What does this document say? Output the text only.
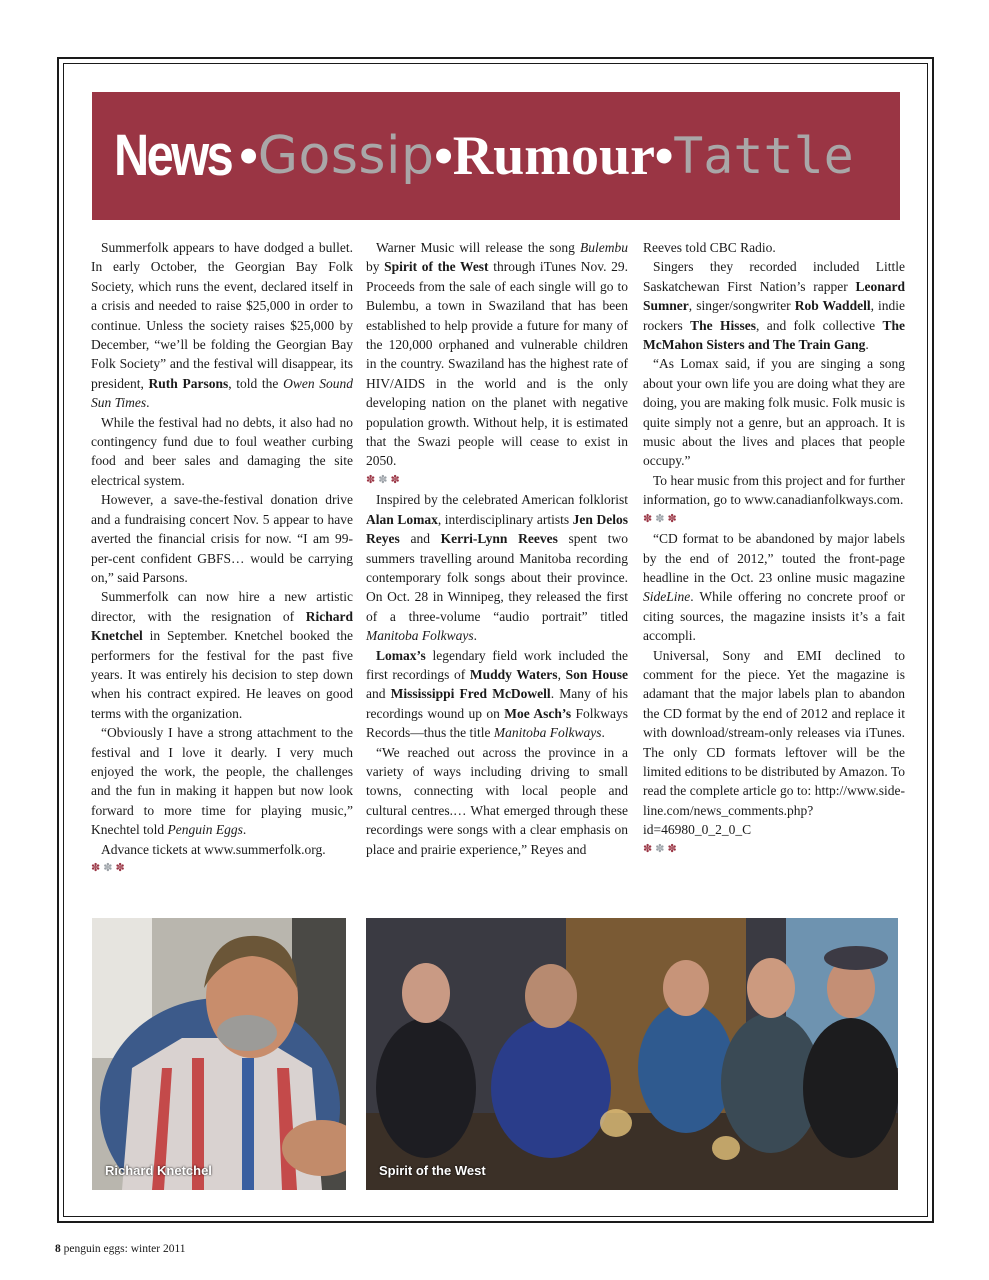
News • Gossip • Rumour • Tattle

Summerfolk appears to have dodged a bullet. In early October, the Georgian Bay Folk Society, which runs the event, declared itself in a crisis and needed to raise $25,000 in order to continue. Unless the society raises $25,000 by December, “we’ll be folding the Georgian Bay Folk Society” and the festival will disappear, its president, Ruth Parsons, told the Owen Sound Sun Times.

While the festival had no debts, it also had no contingency fund due to foul weather curbing food and beer sales and damaging the site electrical system.

However, a save-the-festival donation drive and a fundraising concert Nov. 5 appear to have averted the financial crisis for now. “I am 99-per-cent confident GBFS… would be carrying on,” said Parsons.

Summerfolk can now hire a new artistic director, with the resignation of Richard Knetchel in September. Knetchel booked the performers for the festival for the past five years. It was entirely his decision to step down when his contract expired. He leaves on good terms with the organization.

“Obviously I have a strong attachment to the festival and I love it dearly. I very much enjoyed the work, the people, the challenges and the fun in making it happen but now look forward to more time for playing music,” Knechtel told Penguin Eggs.

Advance tickets at www.summerfolk.org.

✽✽✽

Warner Music will release the song Bulembu by Spirit of the West through iTunes Nov. 29. Proceeds from the sale of each single will go to Bulembu, a town in Swaziland that has been established to help provide a future for many of the 120,000 orphaned and vulnerable children in the country. Swaziland has the highest rate of HIV/AIDS in the world and is the only developing nation on the planet with negative population growth. Without help, it is estimated that the Swazi people will cease to exist in 2050.

✽✽✽

Inspired by the celebrated American folklorist Alan Lomax, interdisciplinary artists Jen Delos Reyes and Kerri-Lynn Reeves spent two summers travelling around Manitoba recording contemporary folk songs about their province. On Oct. 28 in Winnipeg, they released the first of a three-volume “audio portrait” titled Manitoba Folkways.

Lomax’s legendary field work included the first recordings of Muddy Waters, Son House and Mississippi Fred McDowell. Many of his recordings wound up on Moe Asch’s Folkways Records—thus the title Manitoba Folkways.

“We reached out across the province in a variety of ways including driving to small towns, connecting with local people and cultural centres.… What emerged through these recordings were songs with a clear emphasis on place and prairie experience,” Reyes and

Reeves told CBC Radio.

Singers they recorded included Little Saskatchewan First Nation’s rapper Leonard Sumner, singer/songwriter Rob Waddell, indie rockers The Hisses, and folk collective The McMahon Sisters and The Train Gang.

“As Lomax said, if you are singing a song about your own life you are doing what they are doing, you are making folk music. Folk music is quite simply not a genre, but an approach. It is music about the lives and places that people occupy.”

To hear music from this project and for further information, go to www.canadianfolkways.com.

✽✽✽

“CD format to be abandoned by major labels by the end of 2012,” touted the front-page headline in the Oct. 23 online music magazine SideLine. While offering no concrete proof or citing sources, the magazine insists it’s a fait accompli.

Universal, Sony and EMI declined to comment for the piece. Yet the magazine is adamant that the major labels plan to abandon the CD format by the end of 2012 and replace it with download/stream-only releases via iTunes. The only CD formats leftover will be the limited editions to be distributed by Amazon. To read the complete article go to: http://www.side-line.com/news_comments.php?id=46980_0_2_0_C

✽✽✽

Richard Knetchel	Spirit of the West
8 penguin eggs: winter 2011
